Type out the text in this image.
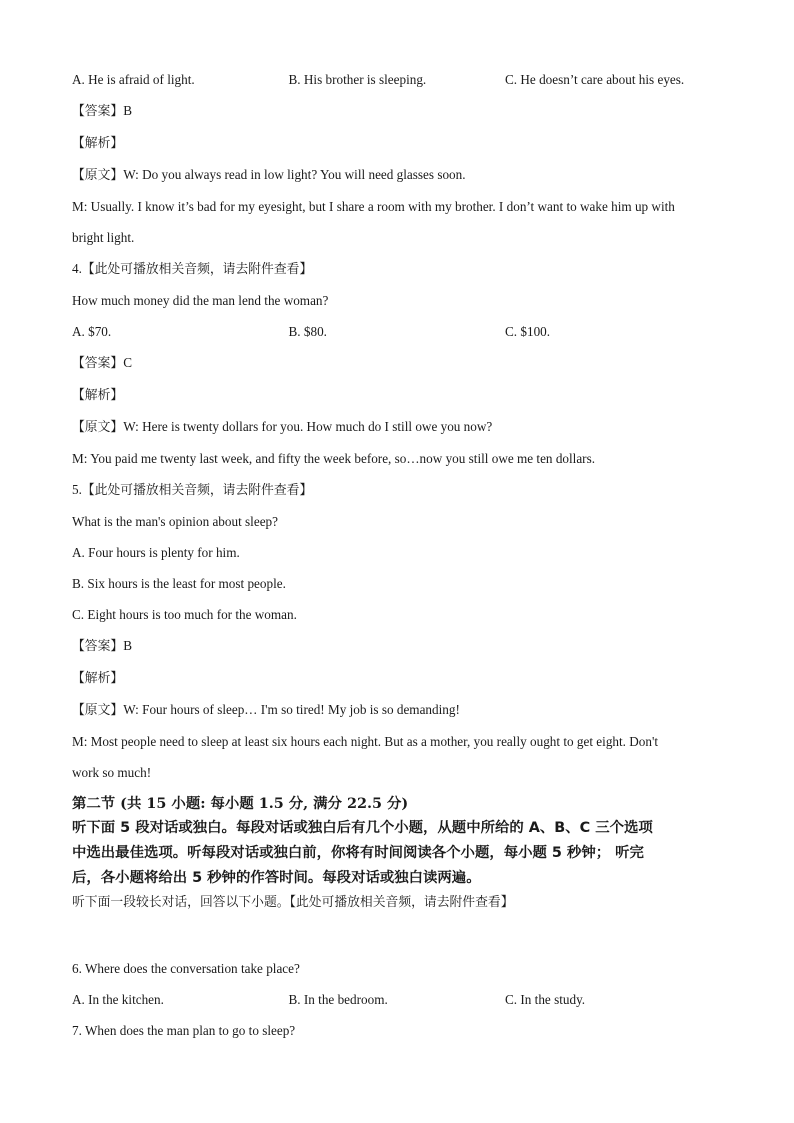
A. He is afraid of light.	B. His brother is sleeping.	C. He doesn’t care about his eyes.
【答案】B
【解析】
【原文】W: Do you always read in low light? You will need glasses soon.
M: Usually. I know it’s bad for my eyesight, but I share a room with my brother. I don’t want to wake him up with
bright light.
4.【此处可播放相关音频，请去附件查看】
How much money did the man lend the woman?
A. $70.	B. $80.	C. $100.
【答案】C
【解析】
【原文】W: Here is twenty dollars for you. How much do I still owe you now?
M: You paid me twenty last week, and fifty the week before, so…now you still owe me ten dollars.
5.【此处可播放相关音频，请去附件查看】
What is the man's opinion about sleep?
A. Four hours is plenty for him.
B. Six hours is the least for most people.
C. Eight hours is too much for the woman.
【答案】B
【解析】
【原文】W: Four hours of sleep… I'm so tired! My job is so demanding!
M: Most people need to sleep at least six hours each night. But as a mother, you really ought to get eight. Don't
work so much!
第二节 (共 15 小题: 每小题 1.5 分, 满分 22.5 分)
听下面 5 段对话或独白。每段对话或独白后有几个小题，从题中所给的 A、B、C 三个选项
中选出最佳选项。听每段对话或独白前，你将有时间阅读各个小题，每小题 5 秒钟； 听完
后，各小题将给出 5 秒钟的作答时间。每段对话或独白读两遍。
听下面一段较长对话，回答以下小题。【此处可播放相关音频，请去附件查看】
6. Where does the conversation take place?
A. In the kitchen.	B. In the bedroom.	C. In the study.
7. When does the man plan to go to sleep?
